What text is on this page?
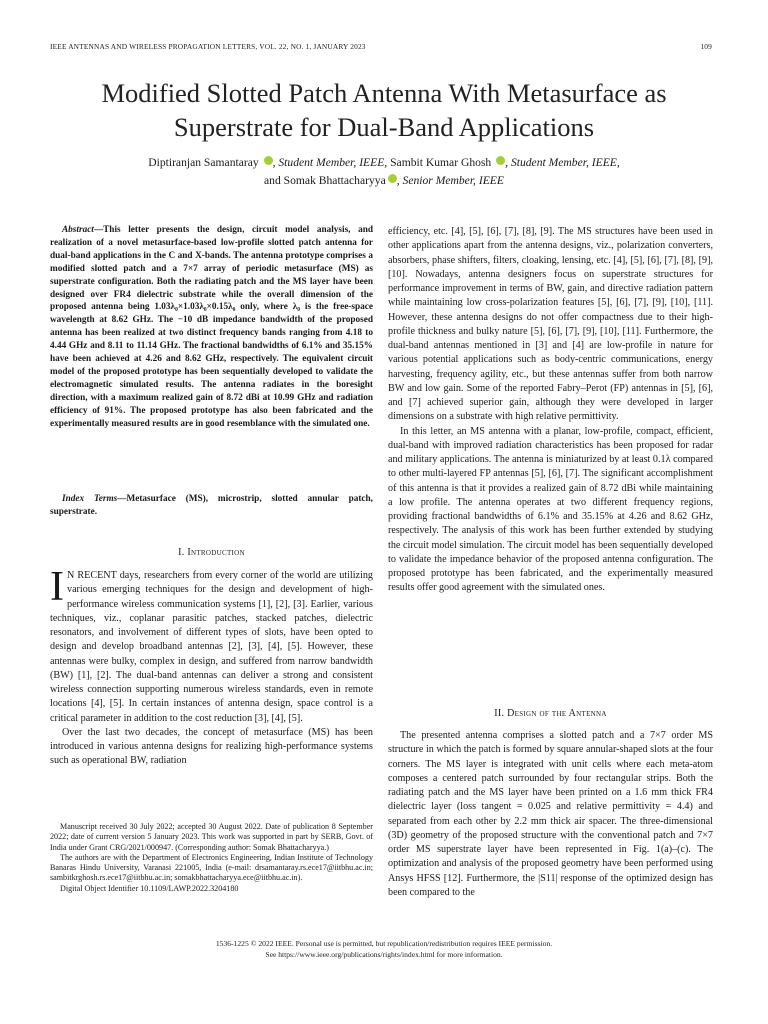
IEEE ANTENNAS AND WIRELESS PROPAGATION LETTERS, VOL. 22, NO. 1, JANUARY 2023	109
Modified Slotted Patch Antenna With Metasurface as
Superstrate for Dual-Band Applications
Diptiranjan Samantaray , Student Member, IEEE, Sambit Kumar Ghosh , Student Member, IEEE,
and Somak Bhattacharyya , Senior Member, IEEE

Abstract—This letter presents the design, circuit model analysis, and realization of a novel metasurface-based low-profile slotted patch antenna for dual-band applications in the C and X-bands. The antenna prototype comprises a modified slotted patch and a 7×7 array of periodic metasurface (MS) as superstrate configuration. Both the radiating patch and the MS layer have been designed over FR4 dielectric substrate while the overall dimension of the proposed antenna being 1.03λ₀×1.03λ₀×0.15λ₀ only, where λ₀ is the free-space wavelength at 8.62 GHz. The −10 dB impedance bandwidth of the proposed antenna has been realized at two distinct frequency bands ranging from 4.18 to 4.44 GHz and 8.11 to 11.14 GHz. The fractional bandwidths of 6.1% and 35.15% have been achieved at 4.26 and 8.62 GHz, respectively. The equivalent circuit model of the proposed prototype has been sequentially developed to validate the electromagnetic simulated results. The antenna radiates in the boresight direction, with a maximum realized gain of 8.72 dBi at 10.99 GHz and radiation efficiency of 91%. The proposed prototype has also been fabricated and the experimentally measured results are in good resemblance with the simulated one.

Index Terms—Metasurface (MS), microstrip, slotted annular patch, superstrate.

I. Introduction

I N RECENT days, researchers from every corner of the world are utilizing various emerging techniques for the design and development of high-performance wireless communication systems [1], [2], [3]. Earlier, various techniques, viz., coplanar parasitic patches, stacked patches, dielectric resonators, and involvement of different types of slots, have been opted to design and develop broadband antennas [2], [3], [4], [5]. However, these antennas were bulky, complex in design, and suffered from narrow bandwidth (BW) [1], [2]. The dual-band antennas can deliver a strong and consistent wireless connection supporting numerous wireless standards, even in remote locations [4], [5]. In certain instances of antenna design, space control is a critical parameter in addition to the cost reduction [3], [4], [5].

Over the last two decades, the concept of metasurface (MS) has been introduced in various antenna designs for realizing high-performance systems such as operational BW, radiation

Manuscript received 30 July 2022; accepted 30 August 2022. Date of publication 8 September 2022; date of current version 5 January 2023. This work was supported in part by SERB, Govt. of India under Grant CRG/2021/000947. (Corresponding author: Somak Bhattacharyya.)

The authors are with the Department of Electronics Engineering, Indian Institute of Technology Banaras Hindu University, Varanasi 221005, India (e-mail: drsamantaray.rs.ece17@iitbhu.ac.in; sambitkrghosh.rs.ece17@iitbhu.ac.in; somakbhattacharyya.ece@iitbhu.ac.in).

Digital Object Identifier 10.1109/LAWP.2022.3204180

efficiency, etc. [4], [5], [6], [7], [8], [9]. The MS structures have been used in other applications apart from the antenna designs, viz., polarization converters, absorbers, phase shifters, filters, cloaking, lensing, etc. [4], [5], [6], [7], [8], [9], [10]. Nowadays, antenna designers focus on superstrate structures for performance improvement in terms of BW, gain, and directive radiation pattern while maintaining low cross-polarization features [5], [6], [7], [9], [10], [11]. However, these antenna designs do not offer compactness due to their high-profile thickness and bulky nature [5], [6], [7], [9], [10], [11]. Furthermore, the dual-band antennas mentioned in [3] and [4] are low-profile in nature for various potential applications such as body-centric communications, energy harvesting, frequency agility, etc., but these antennas suffer from both narrow BW and low gain. Some of the reported Fabry–Perot (FP) antennas in [5], [6], and [7] achieved superior gain, although they were developed in larger dimensions on a substrate with high relative permittivity.

In this letter, an MS antenna with a planar, low-profile, compact, efficient, dual-band with improved radiation characteristics has been proposed for radar and military applications. The antenna is miniaturized by at least 0.1λ compared to other multi-layered FP antennas [5], [6], [7]. The significant accomplishment of this antenna is that it provides a realized gain of 8.72 dBi while maintaining a low profile. The antenna operates at two different frequency regions, providing fractional bandwidths of 6.1% and 35.15% at 4.26 and 8.62 GHz, respectively. The analysis of this work has been further extended by studying the circuit model simulation. The circuit model has been sequentially developed to validate the impedance behavior of the proposed antenna configuration. The proposed prototype has been fabricated, and the experimentally measured results offer good agreement with the simulated ones.

II. Design of the Antenna

The presented antenna comprises a slotted patch and a 7×7 order MS structure in which the patch is formed by square annular-shaped slots at the four corners. The MS layer is integrated with unit cells where each meta-atom composes a centered patch surrounded by four rectangular strips. Both the radiating patch and the MS layer have been printed on a 1.6 mm thick FR4 dielectric layer (loss tangent = 0.025 and relative permittivity = 4.4) and separated from each other by 2.2 mm thick air spacer. The three-dimensional (3D) geometry of the proposed structure with the conventional patch and 7×7 order MS superstrate layer have been represented in Fig. 1(a)–(c). The optimization and analysis of the proposed geometry have been performed using Ansys HFSS [12]. Furthermore, the |S11| response of the optimized design has been compared to the

1536-1225 © 2022 IEEE. Personal use is permitted, but republication/redistribution requires IEEE permission.
See https://www.ieee.org/publications/rights/index.html for more information.
